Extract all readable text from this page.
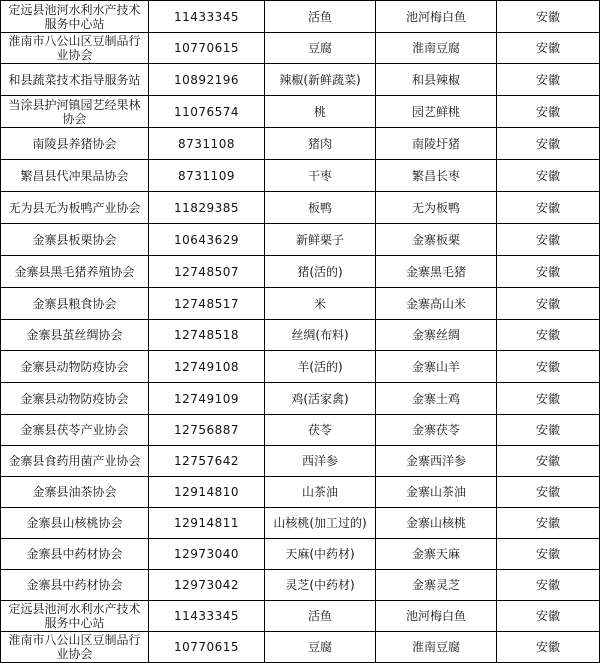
定远县池河水利水产技术服务中心站	11433345	活鱼	池河梅白鱼	安徽
淮南市八公山区豆制品行业协会	10770615	豆腐	淮南豆腐	安徽
和县蔬菜技术指导服务站	10892196	辣椒(新鲜蔬菜)	和县辣椒	安徽
当涂县护河镇园艺经果林协会	11076574	桃	园艺鲜桃	安徽
南陵县养猪协会	8731108	猪肉	南陵圩猪	安徽
繁昌县代冲果品协会	8731109	干枣	繁昌长枣	安徽
无为县无为板鸭产业协会	11829385	板鸭	无为板鸭	安徽
金寨县板栗协会	10643629	新鲜栗子	金寨板栗	安徽
金寨县黑毛猪养殖协会	12748507	猪(活的)	金寨黑毛猪	安徽
金寨县粮食协会	12748517	米	金寨高山米	安徽
金寨县茧丝绸协会	12748518	丝绸(布料)	金寨丝绸	安徽
金寨县动物防疫协会	12749108	羊(活的)	金寨山羊	安徽
金寨县动物防疫协会	12749109	鸡(活家禽)	金寨土鸡	安徽
金寨县茯苓产业协会	12756887	茯苓	金寨茯苓	安徽
金寨县食药用菌产业协会	12757642	西洋参	金寨西洋参	安徽
金寨县油茶协会	12914810	山茶油	金寨山茶油	安徽
金寨县山核桃协会	12914811	山核桃(加工过的)	金寨山核桃	安徽
金寨县中药材协会	12973040	天麻(中药材)	金寨天麻	安徽
金寨县中药材协会	12973042	灵芝(中药材)	金寨灵芝	安徽
定远县池河水利水产技术服务中心站	11433345	活鱼	池河梅白鱼	安徽
淮南市八公山区豆制品行业协会	10770615	豆腐	淮南豆腐	安徽
